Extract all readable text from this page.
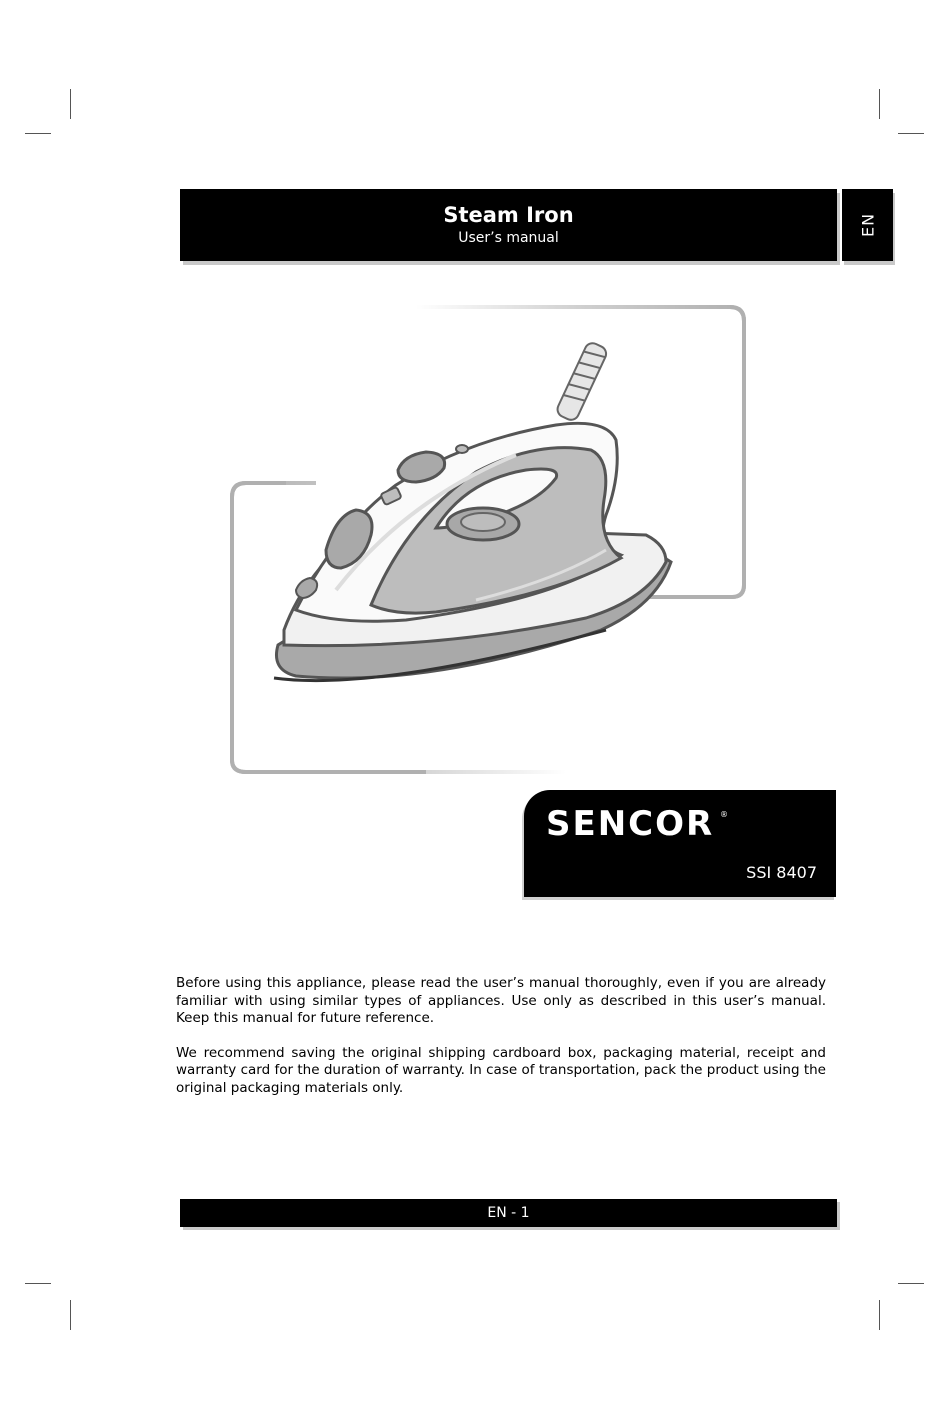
Steam Iron
User’s manual
EN
SENCOR ®
SSI 8407

Before using this appliance, please read the user’s manual thoroughly, even if you are already familiar with using similar types of appliances. Use only as described in this user’s manual. Keep this manual for future reference.

We recommend saving the original shipping cardboard box, packaging material, receipt and warranty card for the duration of warranty. In case of transportation, pack the product using the original packaging materials only.

EN - 1
